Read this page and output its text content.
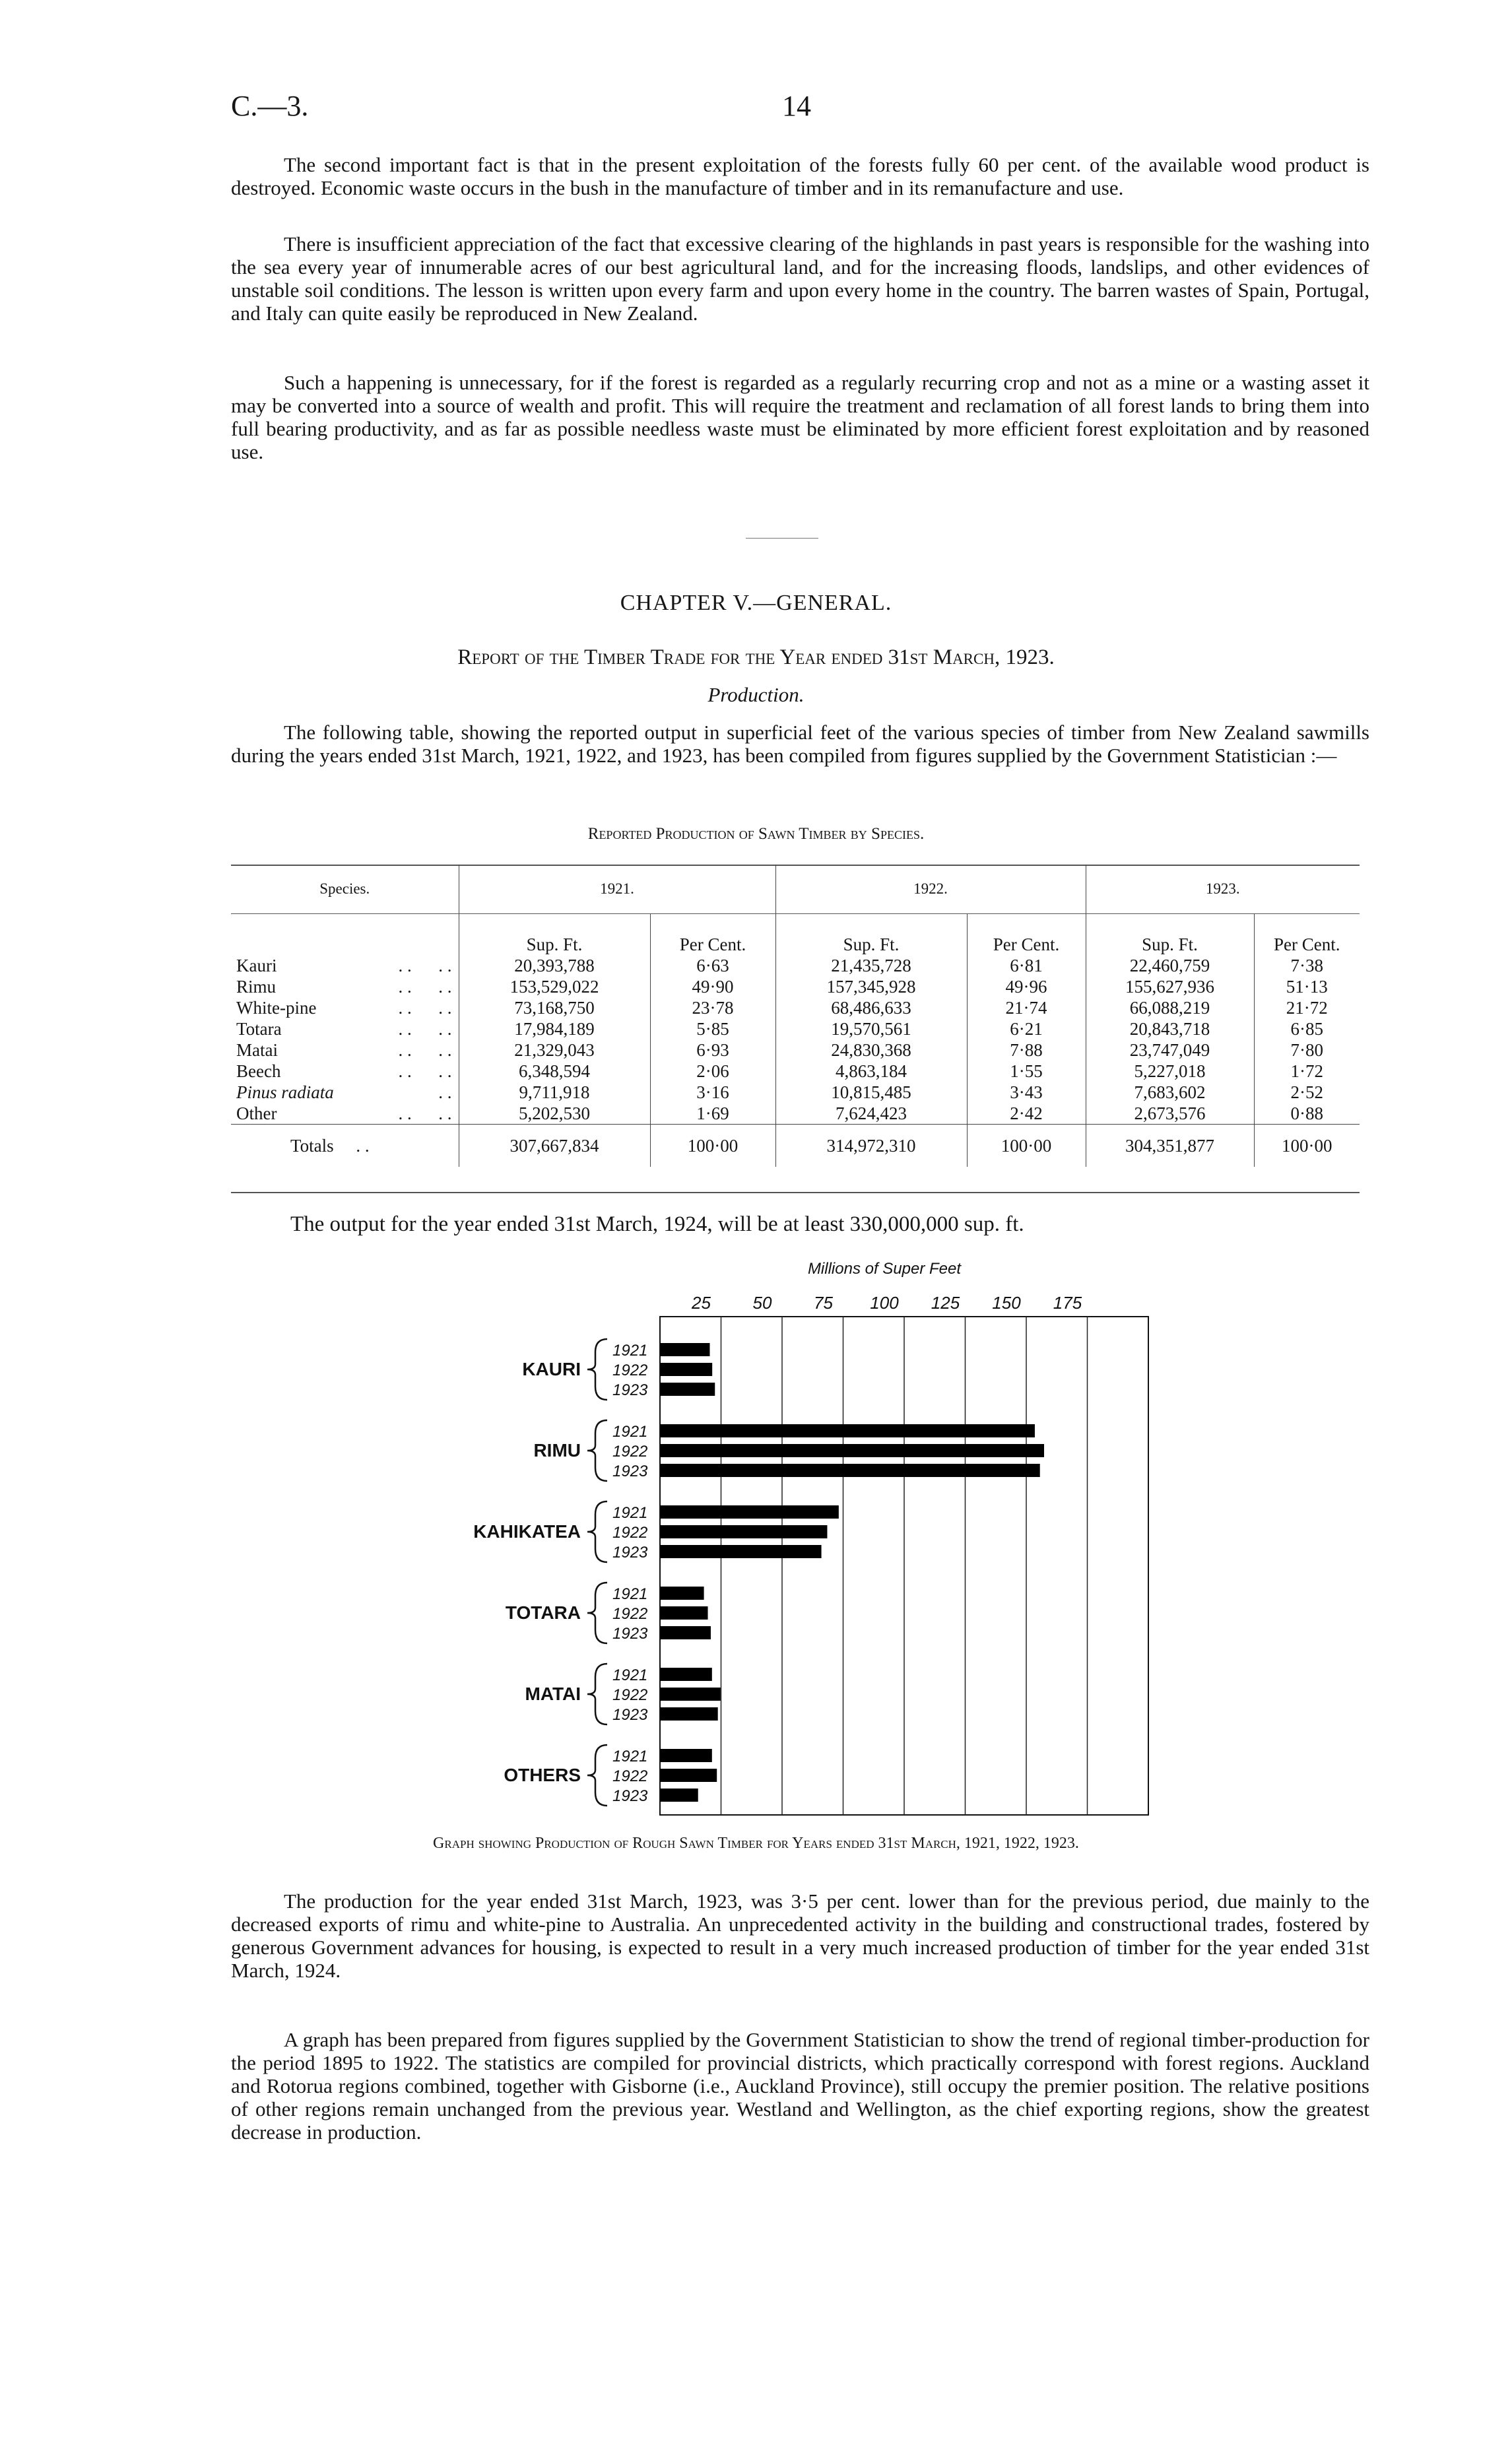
C.—3.	14

The second important fact is that in the present exploitation of the forests fully 60 per cent. of the available wood product is destroyed. Economic waste occurs in the bush in the manufacture of timber and in its remanufacture and use.

There is insufficient appreciation of the fact that excessive clearing of the highlands in past years is responsible for the washing into the sea every year of innumerable acres of our best agricultural land, and for the increasing floods, landslips, and other evidences of unstable soil conditions. The lesson is written upon every farm and upon every home in the country. The barren wastes of Spain, Portugal, and Italy can quite easily be reproduced in New Zealand.

Such a happening is unnecessary, for if the forest is regarded as a regularly recurring crop and not as a mine or a wasting asset it may be converted into a source of wealth and profit. This will require the treatment and reclamation of all forest lands to bring them into full bearing productivity, and as far as possible needless waste must be eliminated by more efficient forest exploitation and by reasoned use.

CHAPTER V.—GENERAL.
Report of the Timber Trade for the Year ended 31st March, 1923.
Production.

The following table, showing the reported output in superficial feet of the various species of timber from New Zealand sawmills during the years ended 31st March, 1921, 1922, and 1923, has been compiled from figures supplied by the Government Statistician :—

Reported Production of Sawn Timber by Species.
Species.	1921.		1922.		1923.	
	Sup. Ft.	Per Cent.	Sup. Ft.	Per Cent.	Sup. Ft.	Per Cent.
Kauri . .      . .	20,393,788	6·63	21,435,728	6·81	22,460,759	7·38
Rimu . .      . .	153,529,022	49·90	157,345,928	49·96	155,627,936	51·13
White-pine . .      . .	73,168,750	23·78	68,486,633	21·74	66,088,219	21·72
Totara . .      . .	17,984,189	5·85	19,570,561	6·21	20,843,718	6·85
Matai . .      . .	21,329,043	6·93	24,830,368	7·88	23,747,049	7·80
Beech . .      . .	6,348,594	2·06	4,863,184	1·55	5,227,018	1·72
Pinus radiata . .	9,711,918	3·16	10,815,485	3·43	7,683,602	2·52
Other . .      . .	5,202,530	1·69	7,624,423	2·42	2,673,576	0·88
Totals . .	307,667,834	100·00	314,972,310	100·00	304,351,877	100·00
The output for the year ended 31st March, 1924, will be at least 330,000,000 sup. ft.
Millions of Super Feet
25 50 75 100 125 150 175
KAURI
1921
1922
1923
RIMU
1921
1922
1923
KAHIKATEA
1921
1922
1923
TOTARA
1921
1922
1923
MATAI
1921
1922
1923
OTHERS
1921
1922
1923
Graph showing Production of Rough Sawn Timber for Years ended 31st March, 1921, 1922, 1923.

The production for the year ended 31st March, 1923, was 3·5 per cent. lower than for the previous period, due mainly to the decreased exports of rimu and white-pine to Australia. An unprecedented activity in the building and constructional trades, fostered by generous Government advances for housing, is expected to result in a very much increased production of timber for the year ended 31st March, 1924.

A graph has been prepared from figures supplied by the Government Statistician to show the trend of regional timber-production for the period 1895 to 1922. The statistics are compiled for provincial districts, which practically correspond with forest regions. Auckland and Rotorua regions combined, together with Gisborne (i.e., Auckland Province), still occupy the premier position. The relative positions of other regions remain unchanged from the previous year. Westland and Wellington, as the chief exporting regions, show the greatest decrease in production.
